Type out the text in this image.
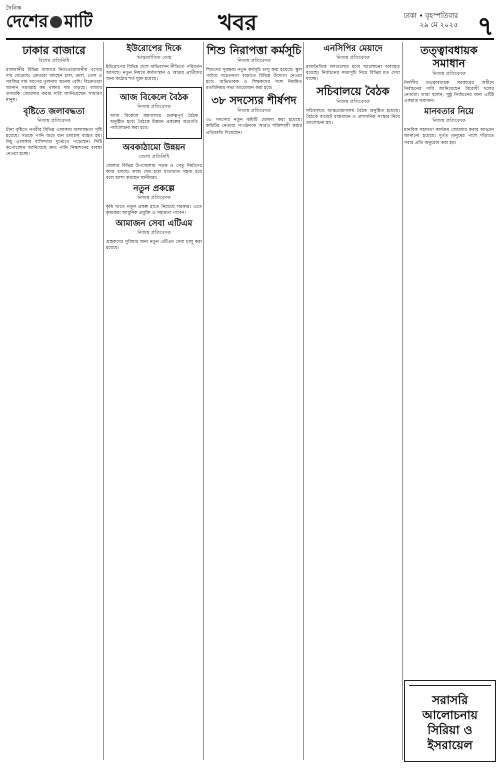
দৈনিক
দেশের মাটি	খবর	ঢাকা • বৃহস্পতিবার
২৯ মে ২০২৫ ৭
ঢাকার বাজারে
বিশেষ প্রতিনিধি

রাজধানীর বিভিন্ন বাজারে নিত্যপ্রয়োজনীয় পণ্যের দাম বেড়েছে। ক্রেতারা বলছেন চাল, ডাল, তেল ও সবজির দাম আগের তুলনায় অনেক বেশি। বিক্রেতারা জানান সরবরাহ কম থাকায় দাম বাড়ছে। বাজার তদারকি জোরদার করার দাবি জানিয়েছেন সাধারণ মানুষ।

বৃষ্টিতে জলাবদ্ধতা
নিজস্ব প্রতিবেদক

টানা বৃষ্টিতে নগরীর বিভিন্ন এলাকায় জলাবদ্ধতা সৃষ্টি হয়েছে। সড়কে পানি জমে যান চলাচল ব্যাহত হয়। নিচু এলাকার বাসিন্দারা দুর্ভোগে পড়েছেন। সিটি কর্পোরেশন জানিয়েছে দ্রুত পানি নিষ্কাশনের ব্যবস্থা নেওয়া হচ্ছে।

ইউরোপের দিকে
আন্তর্জাতিক ডেস্ক

ইউরোপের বিভিন্ন দেশে অভিবাসন নীতিতে পরিবর্তন আসছে। নতুন নিয়মে কর্মসংস্থান ও আশ্রয় প্রার্থীদের জন্য কঠোর শর্ত যুক্ত হয়েছে।

আজ বিকেলে বৈঠক
নিজস্ব প্রতিবেদক

আজ বিকেলে মন্ত্রণালয়ে গুরুত্বপূর্ণ বৈঠক অনুষ্ঠিত হবে। বৈঠকে উন্নয়ন প্রকল্পের অগ্রগতি পর্যালোচনা করা হবে।

অবকাঠামো উন্নয়ন
জেলা প্রতিনিধি

জেলার বিভিন্ন উপজেলায় সড়ক ও সেতু নির্মাণের কাজ চলছে। কাজ শেষ হলে যাতায়াত সহজ হবে বলে আশা করছেন স্থানীয়রা।

নতুন প্রকল্পে
নিজস্ব প্রতিবেদক

কৃষি খাতে নতুন প্রকল্প হাতে নিয়েছে সরকার। এতে কৃষকেরা আধুনিক প্রযুক্তি ও সহায়তা পাবেন।

আমাজন সেবা এটিএম
নিজস্ব প্রতিবেদক

গ্রাহকদের সুবিধার জন্য নতুন এটিএম সেবা চালু করা হয়েছে।

শিশু নিরাপত্তা কর্মসূচি
নিজস্ব প্রতিবেদক

শিশুদের সুরক্ষায় নতুন কর্মসূচি চালু করা হয়েছে। স্কুল পর্যায়ে সচেতনতা বাড়াতে বিভিন্ন উদ্যোগ নেওয়া হবে। অভিভাবক ও শিক্ষকদের সঙ্গে নিয়মিত মতবিনিময় সভা আয়োজন করা হবে।

৩৮ সদস্যের শীর্ষপদ
নিজস্ব প্রতিবেদক

৩৮ সদস্যের নতুন কমিটি ঘোষণা করা হয়েছে। কমিটির নেতারা সংগঠনকে আরও শক্তিশালী করার প্রতিশ্রুতি দিয়েছেন।

এনসিপির মেয়াদে
নিজস্ব প্রতিবেদক

রাজনৈতিক দলগুলোর মধ্যে আলোচনা অব্যাহত রয়েছে। নির্বাচনের সময়সূচি নিয়ে বিভিন্ন মত দেখা যাচ্ছে।

সচিবালয়ে বৈঠক
নিজস্ব প্রতিবেদক

সচিবালয়ে আন্তঃমন্ত্রণালয় বৈঠক অনুষ্ঠিত হয়েছে। বৈঠকে বাজেট বাস্তবায়ন ও প্রশাসনিক সংস্কার নিয়ে আলোচনা হয়।

তত্ত্বাবধায়ক সমাধান
নিজস্ব প্রতিবেদক

নির্দলীয় তত্ত্বাবধায়ক সরকারের অধীনে নির্বাচনের দাবি জানিয়েছেন বিরোধী দলের নেতারা। তারা বলেন, সুষ্ঠু নির্বাচনের জন্য এটিই একমাত্র সমাধান।

মানবতার নিয়ে
নিজস্ব প্রতিবেদক

মানবিক সহায়তা কার্যক্রম জোরদার করার আহ্বান জানানো হয়েছে। দুর্গত মানুষের পাশে দাঁড়াতে সবার প্রতি অনুরোধ করা হয়।

সরাসরি আলোচনায় সিরিয়া ও ইসরায়েল
